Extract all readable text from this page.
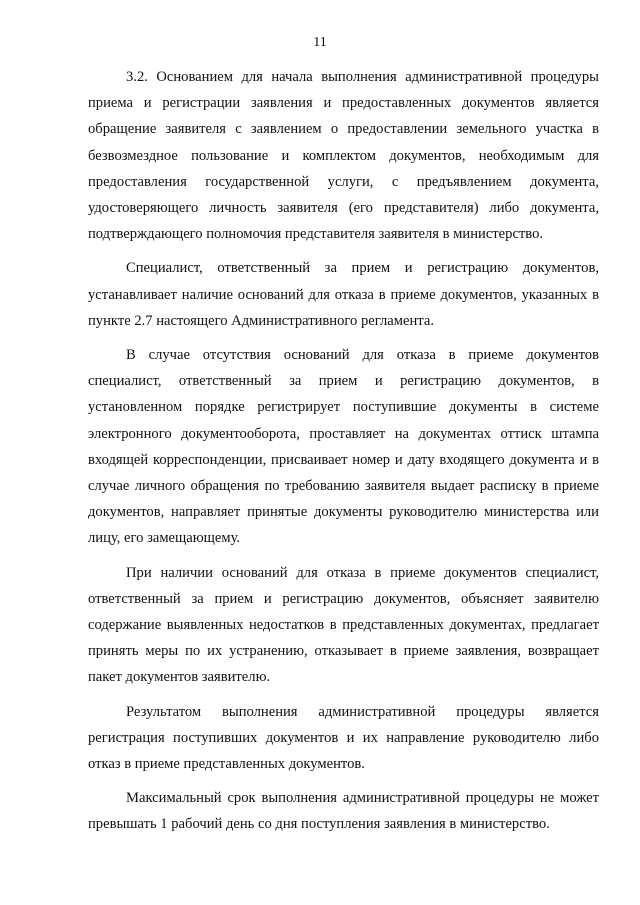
11

3.2. Основанием для начала выполнения административной процедуры приема и регистрации заявления и предоставленных документов является обращение заявителя с заявлением о предоставлении земельного участка в безвозмездное пользование и комплектом документов, необходимым для предоставления государственной услуги, с предъявлением документа, удостоверяющего личность заявителя (его представителя) либо документа, подтверждающего полномочия представителя заявителя в министерство.

Специалист, ответственный за прием и регистрацию документов, устанавливает наличие оснований для отказа в приеме документов, указанных в пункте 2.7 настоящего Административного регламента.

В случае отсутствия оснований для отказа в приеме документов специалист, ответственный за прием и регистрацию документов, в установленном порядке регистрирует поступившие документы в системе электронного документооборота, проставляет на документах оттиск штампа входящей корреспонденции, присваивает номер и дату входящего документа и в случае личного обращения по требованию заявителя выдает расписку в приеме документов, направляет принятые документы руководителю министерства или лицу, его замещающему.

При наличии оснований для отказа в приеме документов специалист, ответственный за прием и регистрацию документов, объясняет заявителю содержание выявленных недостатков в представленных документах, предлагает принять меры по их устранению, отказывает в приеме заявления, возвращает пакет документов заявителю.

Результатом выполнения административной процедуры является регистрация поступивших документов и их направление руководителю либо отказ в приеме представленных документов.

Максимальный срок выполнения административной процедуры не может превышать 1 рабочий день со дня поступления заявления в министерство.
